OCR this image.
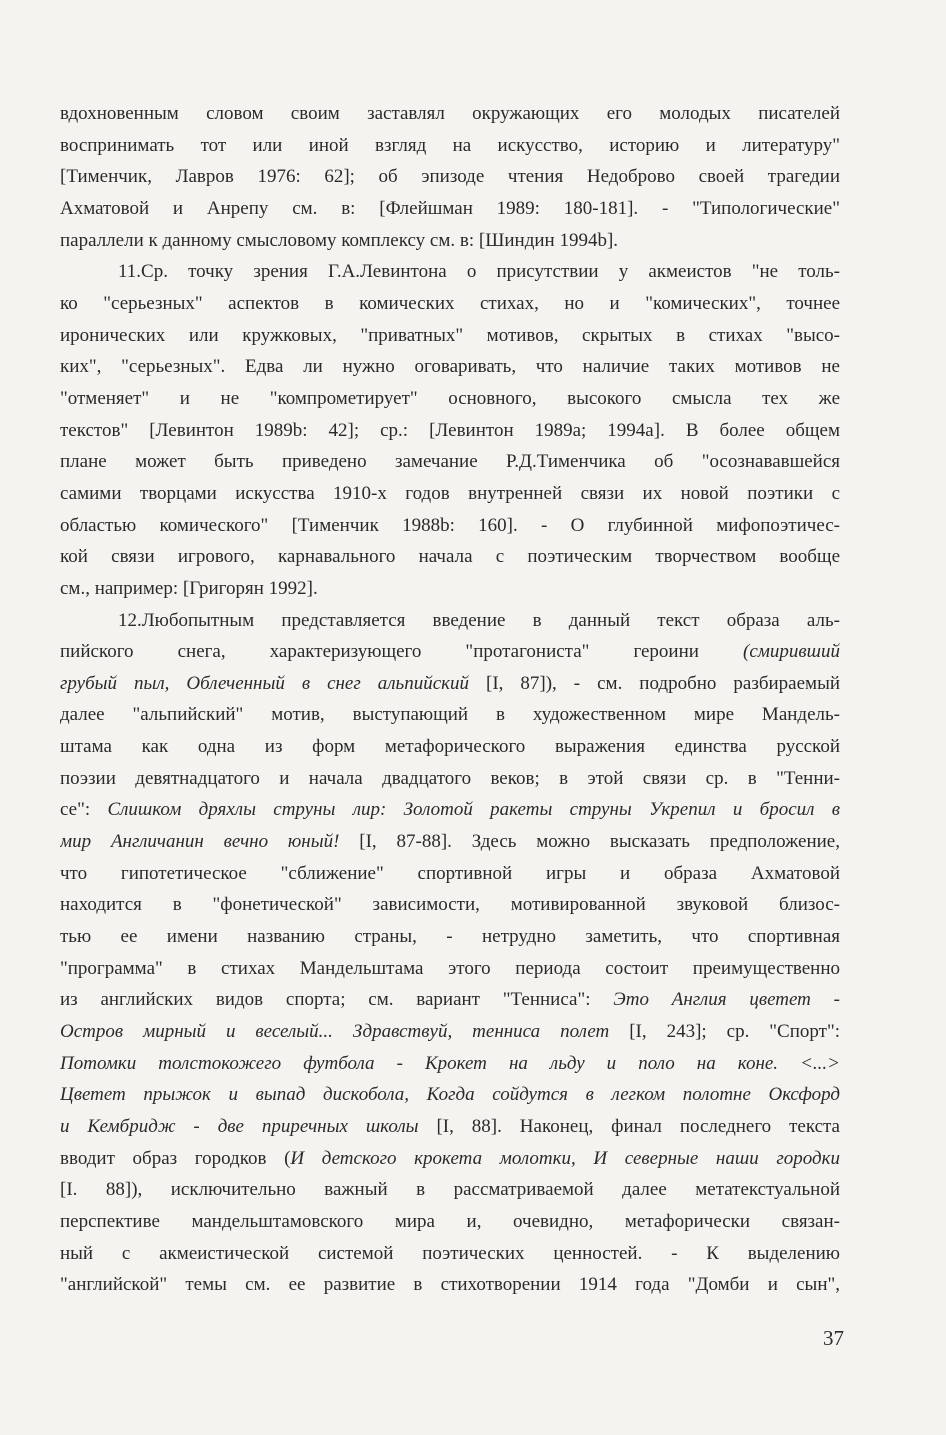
вдохновенным словом своим заставлял окружающих его молодых писателей
воспринимать тот или иной взгляд на искусство, историю и литературу"
[Тименчик, Лавров 1976: 62]; об эпизоде чтения Недоброво своей трагедии
Ахматовой и Анрепу см. в: [Флейшман 1989: 180-181]. - "Типологические"
параллели к данному смысловому комплексу см. в: [Шиндин 1994b].

11.Ср. точку зрения Г.А.Левинтона о присутствии у акмеистов "не толь-
ко "серьезных" аспектов в комических стихах, но и "комических", точнее
иронических или кружковых, "приватных" мотивов, скрытых в стихах "высо-
ких", "серьезных". Едва ли нужно оговаривать, что наличие таких мотивов не
"отменяет" и не "компрометирует" основного, высокого смысла тех же
текстов" [Левинтон 1989b: 42]; ср.: [Левинтон 1989a; 1994a]. В более общем
плане может быть приведено замечание Р.Д.Тименчика об "осознававшейся
самими творцами искусства 1910-х годов внутренней связи их новой поэтики с
областью комического" [Тименчик 1988b: 160]. - О глубинной мифопоэтичес-
кой связи игрового, карнавального начала с поэтическим творчеством вообще
см., например: [Григорян 1992].

12.Любопытным представляется введение в данный текст образа аль-
пийского снега, характеризующего "протагониста" героини (смиривший
грубый пыл, Облеченный в снег альпийский [I, 87]), - см. подробно разбираемый
далее "альпийский" мотив, выступающий в художественном мире Мандель-
штама как одна из форм метафорического выражения единства русской
поэзии девятнадцатого и начала двадцатого веков; в этой связи ср. в "Тенни-
се": Слишком дряхлы струны лир: Золотой ракеты струны Укрепил и бросил в
мир Англичанин вечно юный! [I, 87-88]. Здесь можно высказать предположение,
что гипотетическое "сближение" спортивной игры и образа Ахматовой
находится в "фонетической" зависимости, мотивированной звуковой близос-
тью ее имени названию страны, - нетрудно заметить, что спортивная
"программа" в стихах Мандельштама этого периода состоит преимущественно
из английских видов спорта; см. вариант "Тенниса": Это Англия цветет -
Остров мирный и веселый... Здравствуй, тенниса полет [I, 243]; ср. "Спорт":
Потомки толстокожего футбола - Крокет на льду и поло на коне. <...>
Цветет прыжок и выпад дискобола, Когда сойдутся в легком полотне Оксфорд
и Кембридж - две приречных школы [I, 88]. Наконец, финал последнего текста
вводит образ городков (И детского крокета молотки, И северные наши городки
[I. 88]), исключительно важный в рассматриваемой далее метатекстуальной
перспективе мандельштамовского мира и, очевидно, метафорически связан-
ный с акмеистической системой поэтических ценностей. - К выделению
"английской" темы см. ее развитие в стихотворении 1914 года "Домби и сын",

37
